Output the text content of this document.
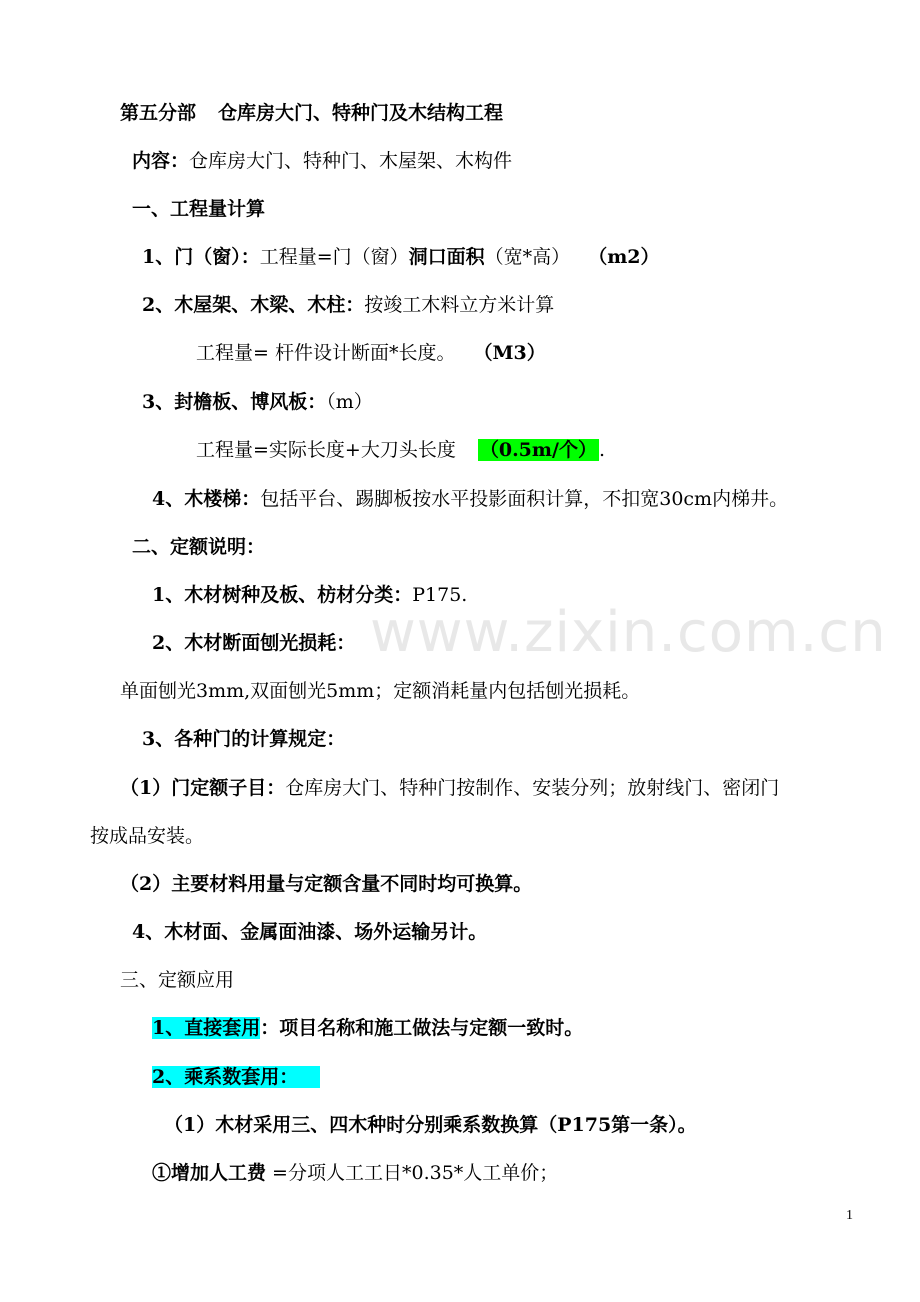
www.zixin.com.cn
第五分部 仓库房大门、特种门及木结构工程
内容：仓库房大门、特种门、木屋架、木构件
一、工程量计算
1、门（窗）：工程量=门（窗）洞口面积（宽*高） （m2）
2、木屋架、木梁、木柱：按竣工木料立方米计算
工程量= 杆件设计断面*长度。 （M3）
3、封檐板、博风板：（m）
工程量=实际长度+大刀头长度 （0.5m/个） .
4、木楼梯：包括平台、踢脚板按水平投影面积计算，不扣宽30cm内梯井。
二、定额说明：
1、木材树种及板、枋材分类：P175.
2、木材断面刨光损耗：
单面刨光3mm,双面刨光5mm；定额消耗量内包括刨光损耗。
3、各种门的计算规定：
（1）门定额子目：仓库房大门、特种门按制作、安装分列；放射线门、密闭门
按成品安装。
（2）主要材料用量与定额含量不同时均可换算。
4、木材面、金属面油漆、场外运输另计。
三、定额应用
1、直接套用：项目名称和施工做法与定额一致时。
2、乘系数套用：
（1）木材采用三、四木种时分别乘系数换算（P175第一条）。
①增加人工费 =分项人工工日*0.35*人工单价；
1
